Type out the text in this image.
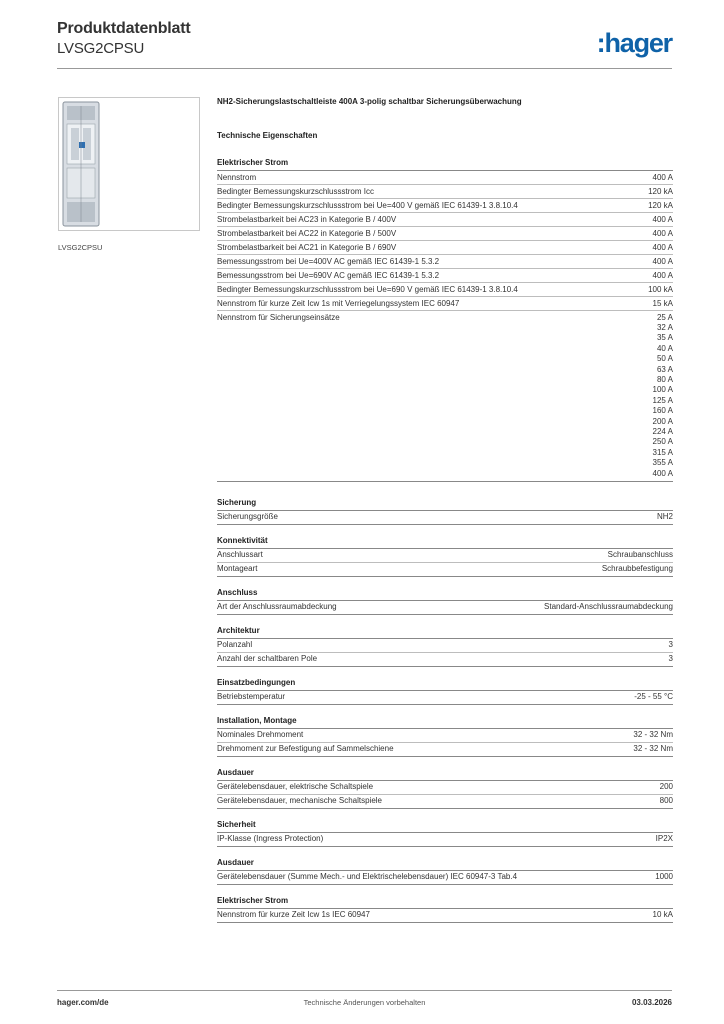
Produktdatenblatt
LVSG2CPSU	:hager
LVSG2CPSU
NH2-Sicherungslastschaltleiste 400A 3-polig schaltbar Sicherungsüberwachung
Technische Eigenschaften
Elektrischer Strom
Nennstrom	400 A
Bedingter Bemessungskurzschlussstrom Icc	120 kA
Bedingter Bemessungskurzschlussstrom bei Ue=400 V gemäß IEC 61439-1 3.8.10.4	120 kA
Strombelastbarkeit bei AC23 in Kategorie B / 400V	400 A
Strombelastbarkeit bei AC22 in Kategorie B / 500V	400 A
Strombelastbarkeit bei AC21 in Kategorie B / 690V	400 A
Bemessungsstrom bei Ue=400V AC gemäß IEC 61439-1 5.3.2	400 A
Bemessungsstrom bei Ue=690V AC gemäß IEC 61439-1 5.3.2	400 A
Bedingter Bemessungskurzschlussstrom bei Ue=690 V gemäß IEC 61439-1 3.8.10.4	100 kA
Nennstrom für kurze Zeit Icw 1s mit Verriegelungssystem IEC 60947	15 kA
Nennstrom für Sicherungseinsätze	25 A
32 A
35 A
40 A
50 A
63 A
80 A
100 A
125 A
160 A
200 A
224 A
250 A
315 A
355 A
400 A
Sicherung
Sicherungsgröße	NH2
Konnektivität
Anschlussart	Schraubanschluss
Montageart	Schraubbefestigung
Anschluss
Art der Anschlussraumabdeckung	Standard-Anschlussraumabdeckung
Architektur
Polanzahl	3
Anzahl der schaltbaren Pole	3
Einsatzbedingungen
Betriebstemperatur	-25 - 55 °C
Installation, Montage
Nominales Drehmoment	32 - 32 Nm
Drehmoment zur Befestigung auf Sammelschiene	32 - 32 Nm
Ausdauer
Gerätelebensdauer, elektrische Schaltspiele	200
Gerätelebensdauer, mechanische Schaltspiele	800
Sicherheit
IP-Klasse (Ingress Protection)	IP2X
Ausdauer
Gerätelebensdauer (Summe Mech.- und Elektrischelebensdauer) IEC 60947-3 Tab.4	1000
Elektrischer Strom
Nennstrom für kurze Zeit Icw 1s IEC 60947	10 kA
hager.com/de	Technische Änderungen vorbehalten	03.03.2026
